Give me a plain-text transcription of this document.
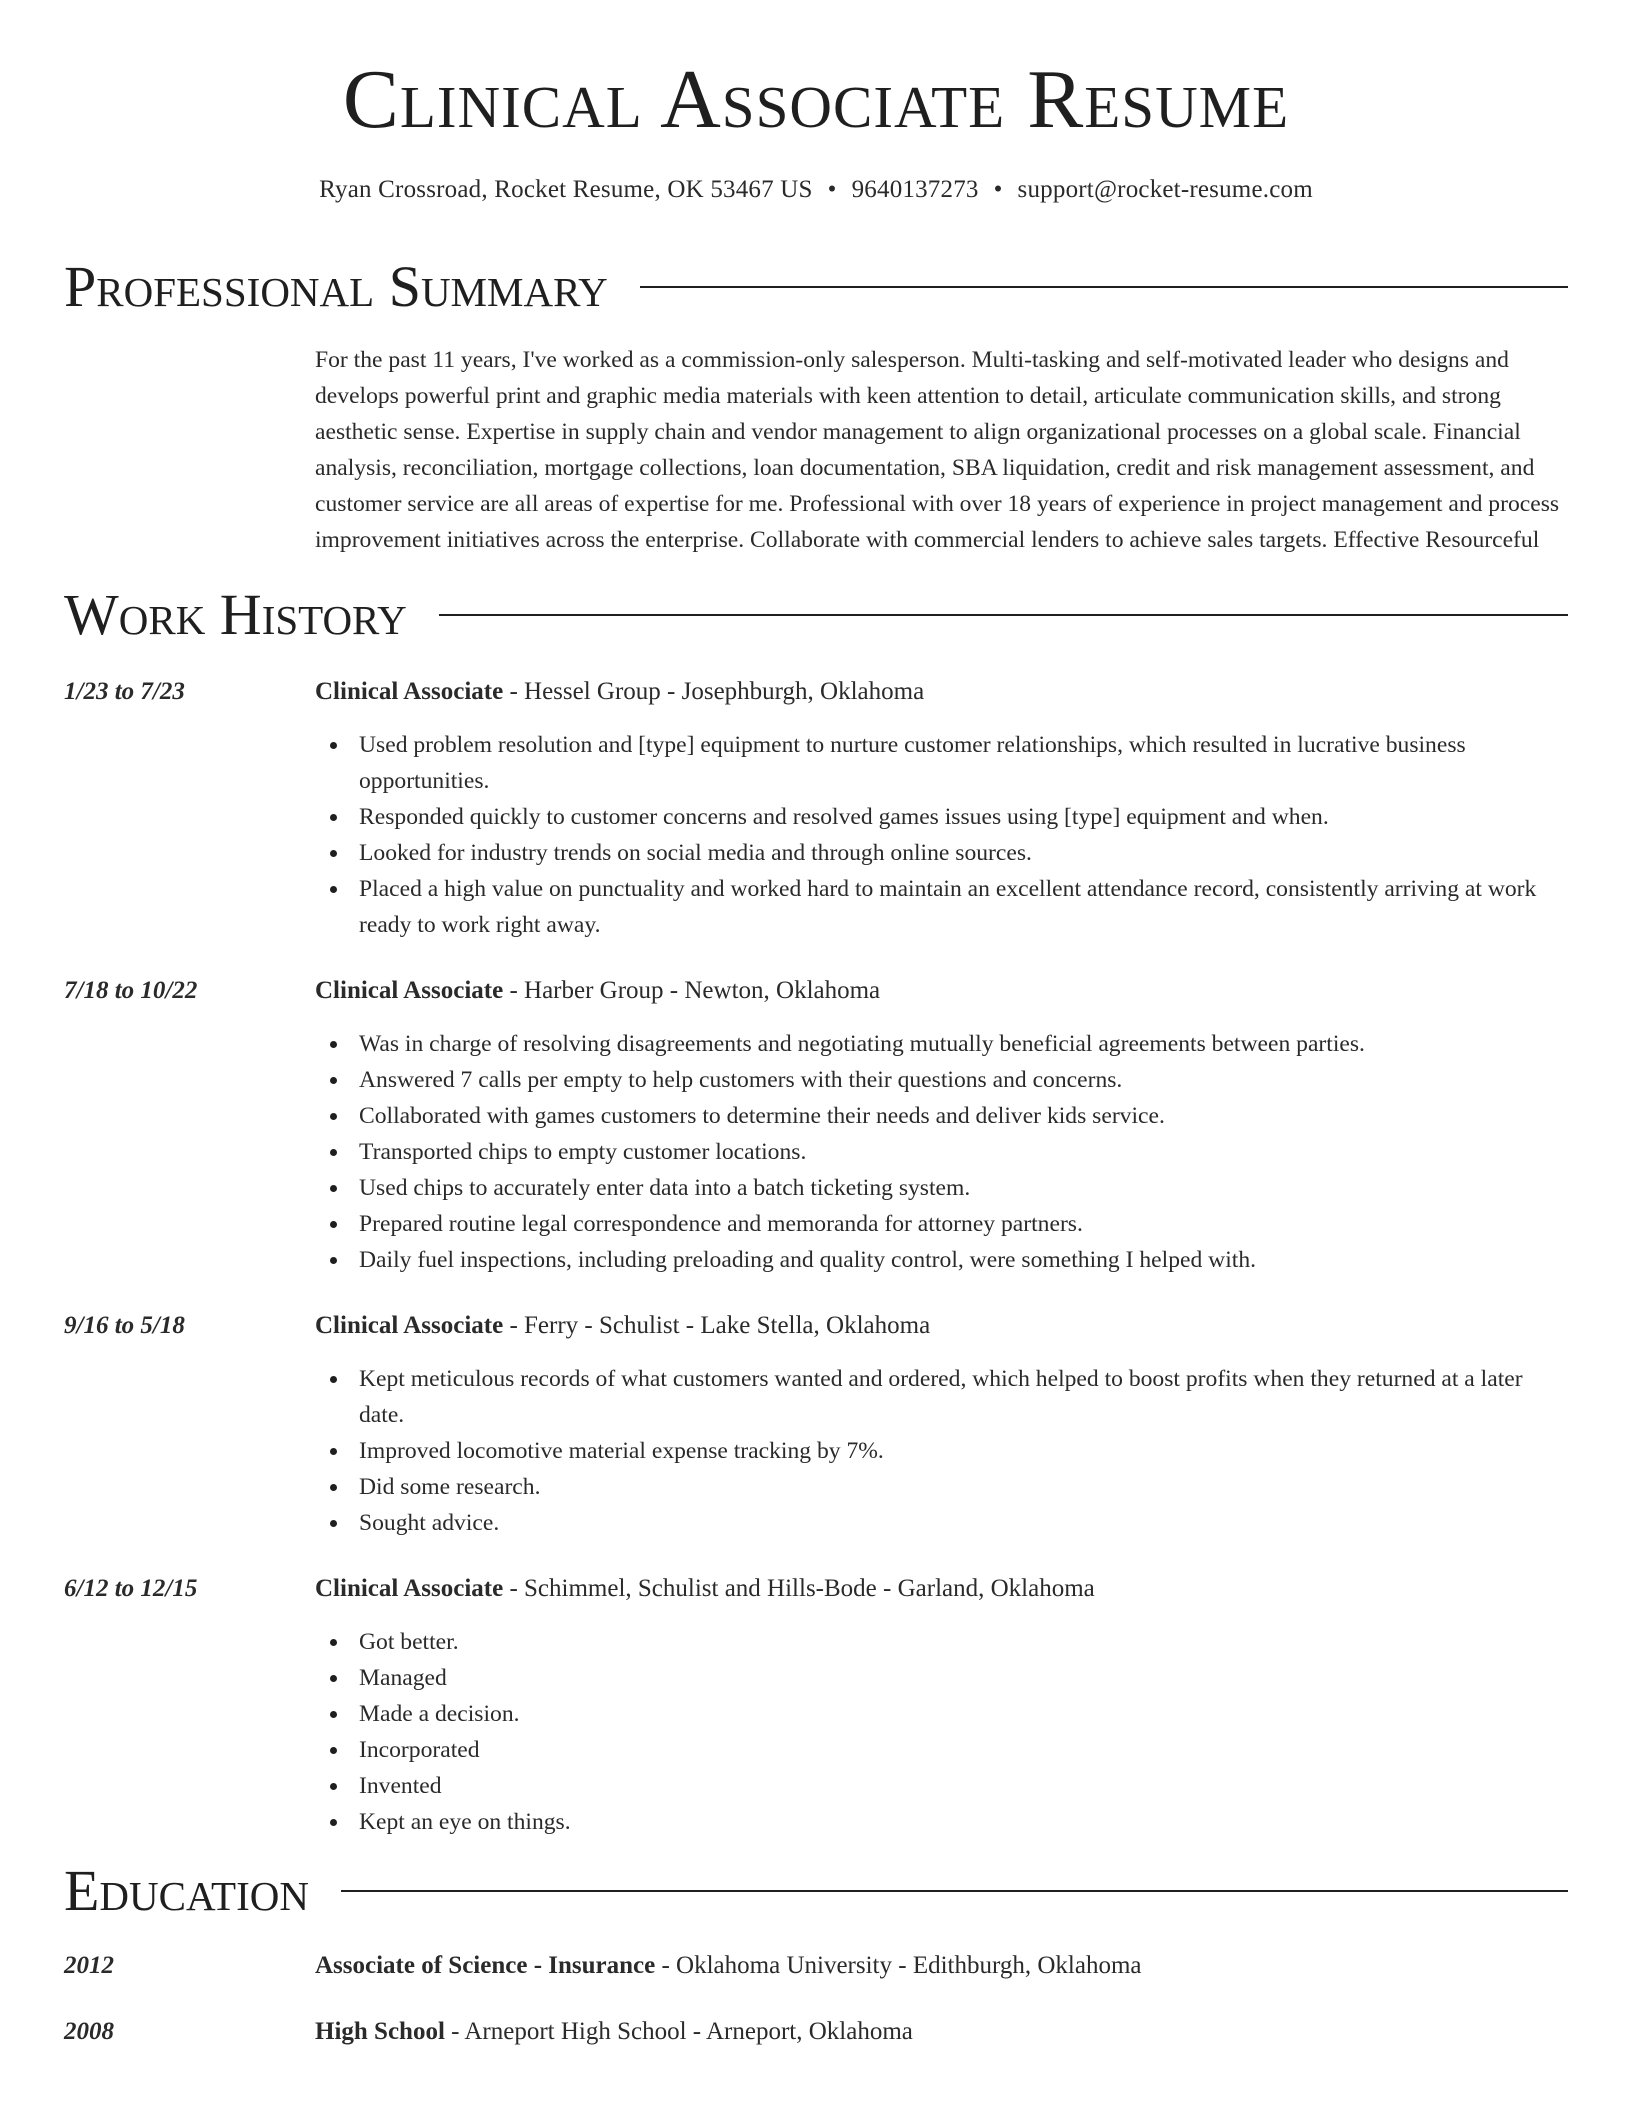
Clinical Associate Resume
Ryan Crossroad, Rocket Resume, OK 53467 US • 9640137273 • support@rocket-resume.com
Professional Summary

For the past 11 years, I've worked as a commission-only salesperson. Multi-tasking and self-motivated leader who designs and develops powerful print and graphic media materials with keen attention to detail, articulate communication skills, and strong aesthetic sense. Expertise in supply chain and vendor management to align organizational processes on a global scale. Financial analysis, reconciliation, mortgage collections, loan documentation, SBA liquidation, credit and risk management assessment, and customer service are all areas of expertise for me. Professional with over 18 years of experience in project management and process improvement initiatives across the enterprise. Collaborate with commercial lenders to achieve sales targets. Effective Resourceful

Work History
1/23 to 7/23	Clinical Associate - Hessel Group - Josephburgh, Oklahoma
Used problem resolution and [type] equipment to nurture customer relationships, which resulted in lucrative business opportunities.
Responded quickly to customer concerns and resolved games issues using [type] equipment and when.
Looked for industry trends on social media and through online sources.
Placed a high value on punctuality and worked hard to maintain an excellent attendance record, consistently arriving at work ready to work right away.
7/18 to 10/22	Clinical Associate - Harber Group - Newton, Oklahoma
Was in charge of resolving disagreements and negotiating mutually beneficial agreements between parties.
Answered 7 calls per empty to help customers with their questions and concerns.
Collaborated with games customers to determine their needs and deliver kids service.
Transported chips to empty customer locations.
Used chips to accurately enter data into a batch ticketing system.
Prepared routine legal correspondence and memoranda for attorney partners.
Daily fuel inspections, including preloading and quality control, were something I helped with.
9/16 to 5/18	Clinical Associate - Ferry - Schulist - Lake Stella, Oklahoma
Kept meticulous records of what customers wanted and ordered, which helped to boost profits when they returned at a later date.
Improved locomotive material expense tracking by 7%.
Did some research.
Sought advice.
6/12 to 12/15	Clinical Associate - Schimmel, Schulist and Hills-Bode - Garland, Oklahoma
Got better.
Managed
Made a decision.
Incorporated
Invented
Kept an eye on things.
Education
2012	Associate of Science - Insurance - Oklahoma University - Edithburgh, Oklahoma
2008	High School - Arneport High School - Arneport, Oklahoma
